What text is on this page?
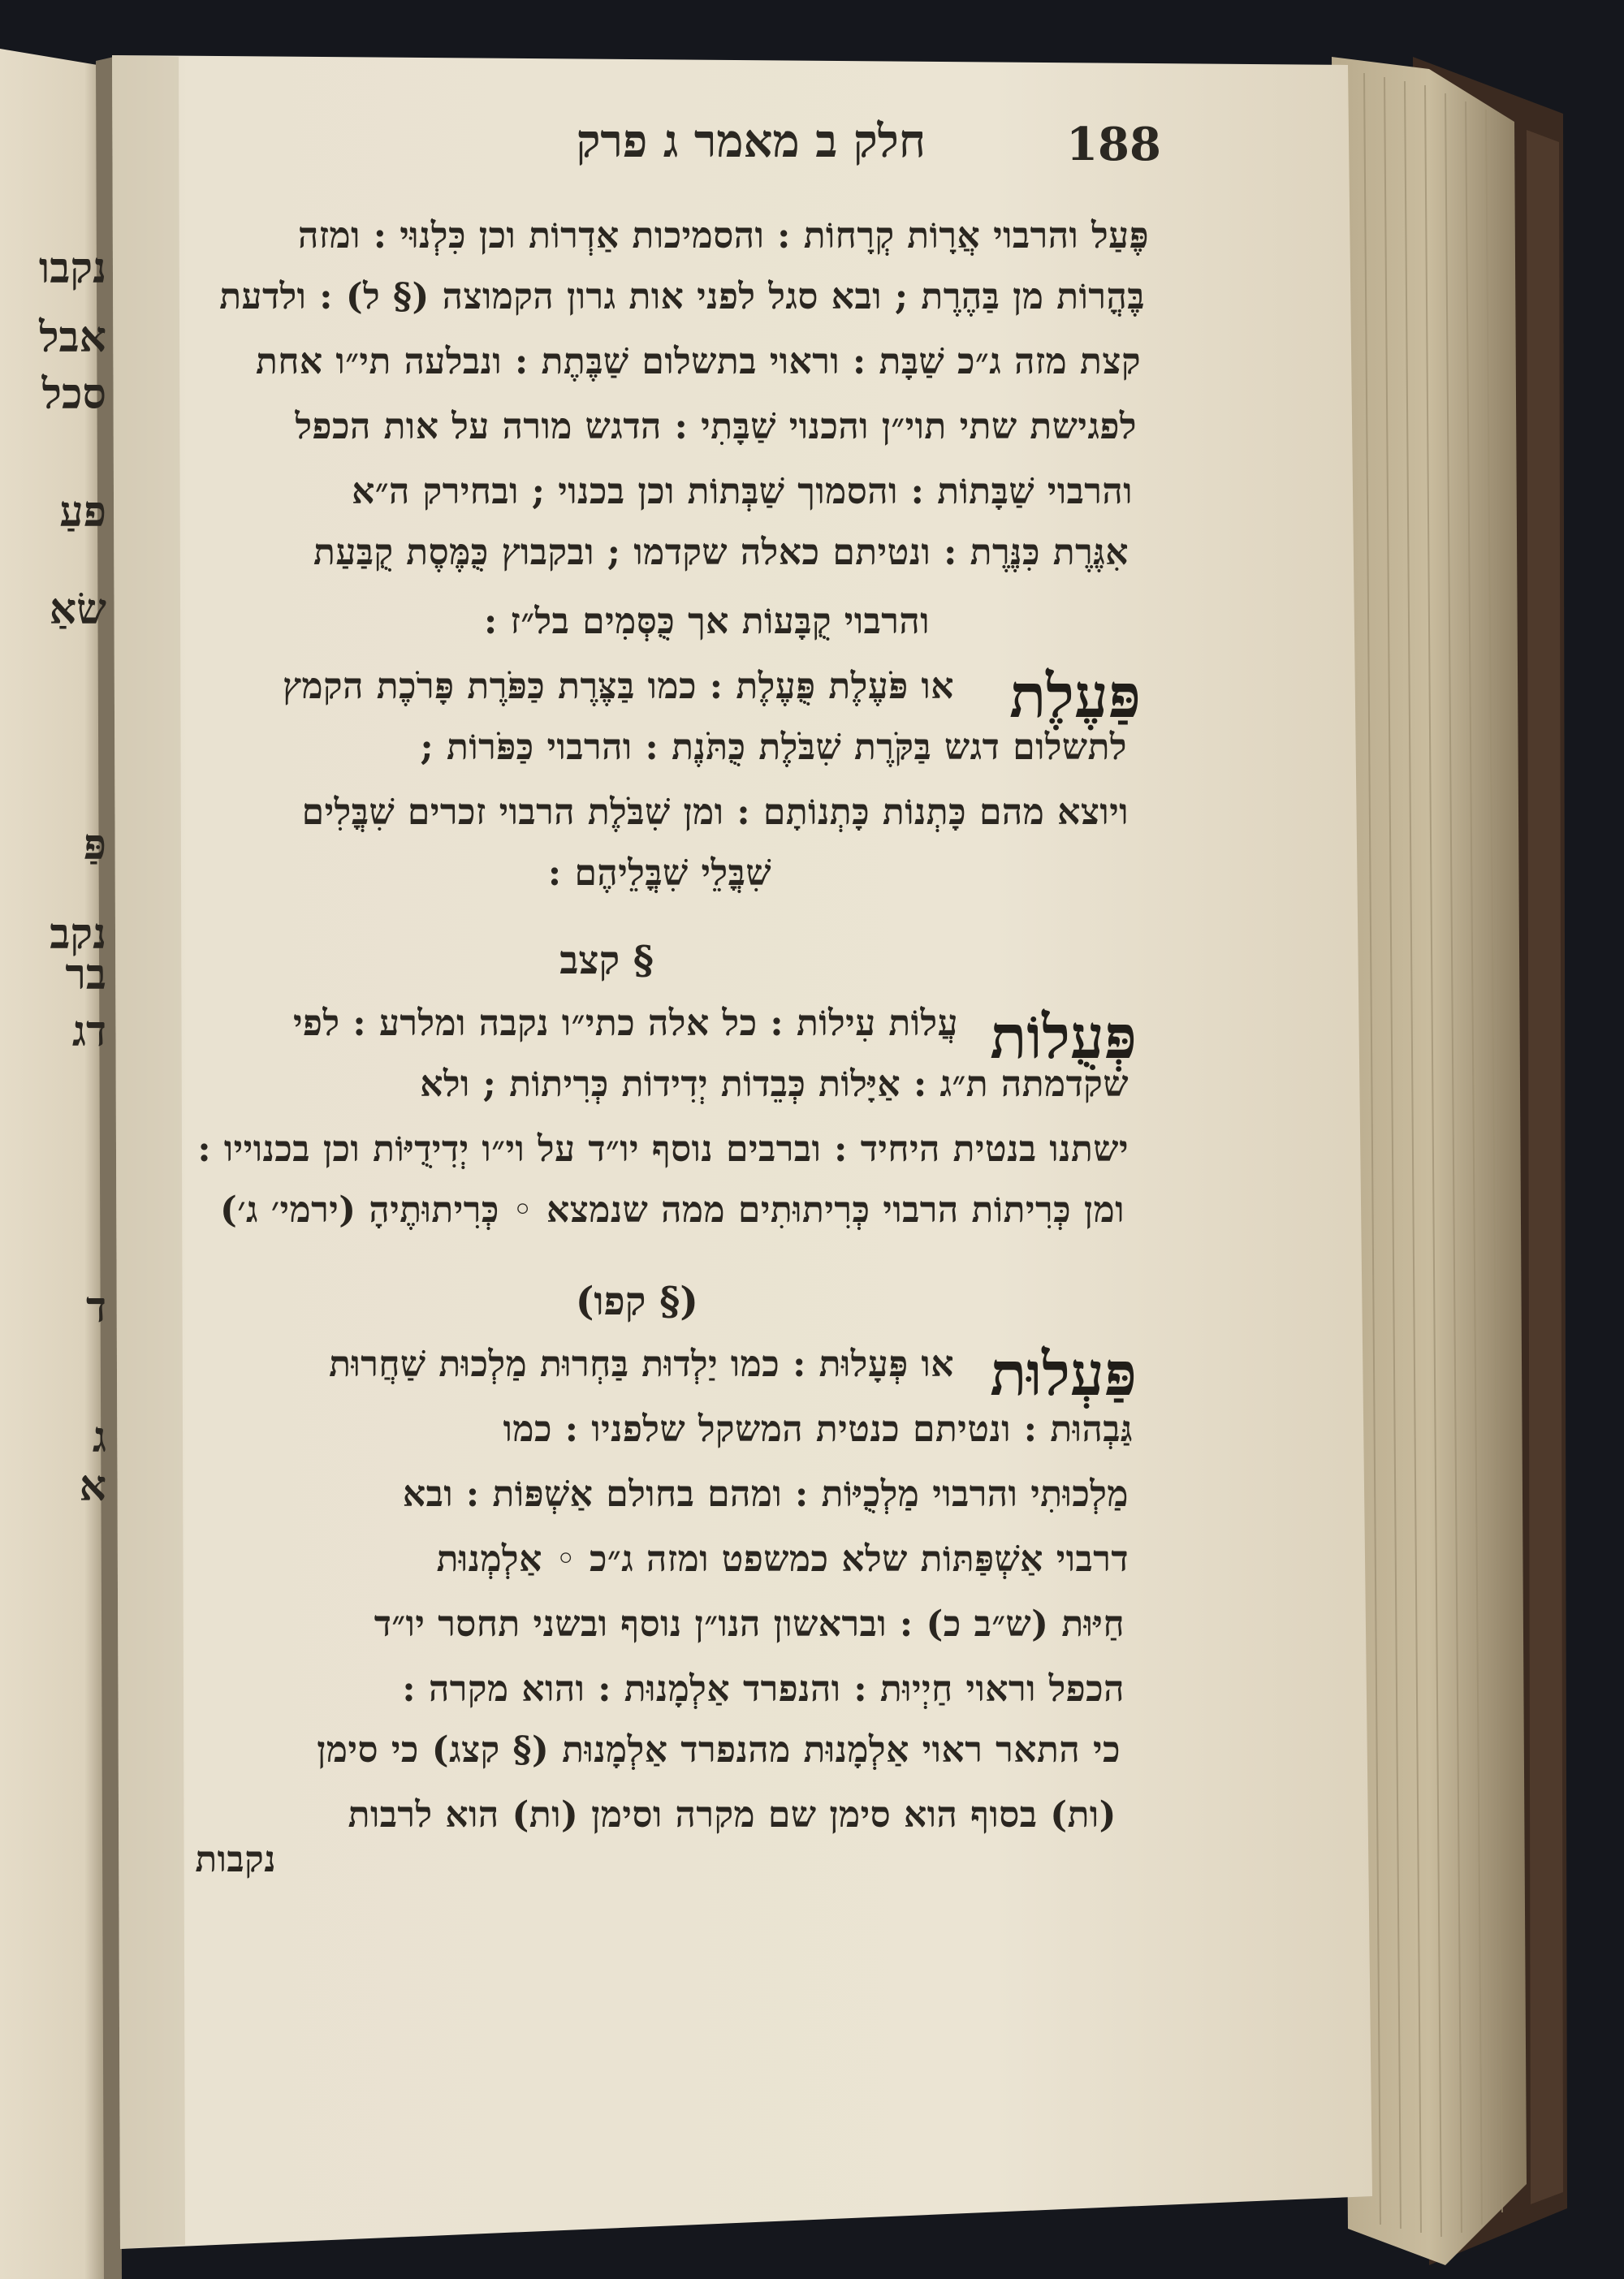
נקבו
אבל
סכל
פעַ
שׂאַ
פַּ
נקב
בר
דג
ד
ג
א
188
חלק ב מאמר ג פרק
פֶּעַל והרבוי אֲרָוֹת קְרָחוֹת : והסמיכות אַדְרוֹת וכן כִּלְנוּי : ומזה
בֶּהֳרוֹת מן בַּהֶרֶת ; ובא סגל לפני אות גרון הקמוצה (§ ל) : ולדעת
קצת מזה ג״כ שַׁבָּת : וראוי בתשלום שַׁבֶּתֶת : ונבלעה תי״ו אחת
לפגישת שתי תוי״ן והכנוי שַׁבָּתִי : הדגש מורה על אות הכפל
והרבוי שַׁבָּתוֹת : והסמוך שַׁבְּתוֹת וכן בכנוי ; ובחירק ה״א
אִגֶּרֶת כִּנֶּרֶת : ונטיתם כאלה שקדמו ; ובקבוץ כֻּמֶּסֶת קֻבַּעַת
והרבוי קֻבָּעוֹת אך כֻּסְּמִים בל״ז :
פַּעֶלֶת
או פֹּעֶלֶת פֻּעֶלֶת : כמו בַּצֶּרֶת כַּפֹּרֶת פָּרֹכֶת הקמץ
לתשלום דגש בַּקֹּרֶת שִׁבֹּלֶת כֻּתֹּנֶת : והרבוי כַּפֹּרוֹת ;
ויוצא מהם כָּתְנוֹת כָּתְנוֹתָם : ומן שִׁבֹּלֶת הרבוי זכרים שִׁבֳּלִים
שִׁבֳּלֵי שִׁבֳּלֵיהֶם :
§ קצב
פְּעֻלוֹת
עֲלוֹת עִילוֹת : כל אלה כתי״ו נקבה ומלרע : לפי
שקדמתה ת״ג : אַיָּלוֹת כְּבֵדוֹת יְדִידוֹת כְּרִיתוֹת ; ולא
ישתנו בנטית היחיד : וברבים נוסף יו״ד על וי״ו יְדִידֻיּוֹת וכן בכנוייו :
ומן כְּרִיתוֹת הרבוי כְּרִיתוּתִים ממה שנמצא ◦ כְּרִיתוּתֶיהָ (ירמי׳ ג׳)
(§ קפו)
פַּעְלוּת
או פְּעָלוּת : כמו יַלְדוּת בַּחְרוּת מַלְכוּת שַׁחֲרוּת
גַּבְהוּת : ונטיתם כנטית המשקל שלפניו : כמו
מַלְכוּתִי והרבוי מַלְכֻיּוֹת : ומהם בחולם אַשְׁפּוֹת : ובא
דרבוי אַשְׁפַּתּוֹת שלא כמשפט ומזה ג״כ ◦ אַלְמְנוּת
חַיּוּת (ש״ב כ) : ובראשון הנו״ן נוסף ובשני תחסר יו״ד
הכפל וראוי חַיְיוּת : והנפרד אַלְמָנוּת : והוא מקרה :
כי התאר ראוי אַלְמָנוּת מהנפרד אַלְמָנוּת (§ קצג) כי סימן
(ות) בסוף הוא סימן שם מקרה וסימן (ות) הוא לרבות
נקבות
